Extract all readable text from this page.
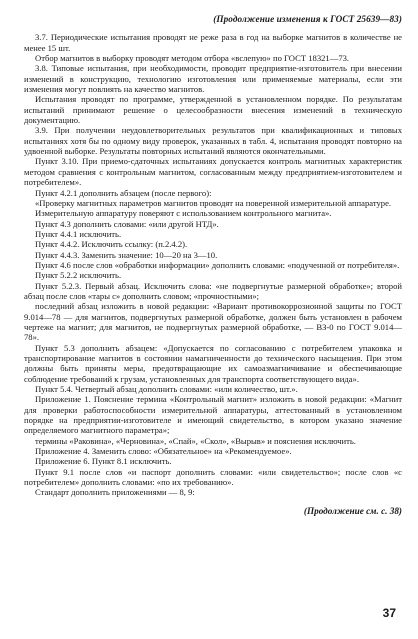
(Продолжение изменения к ГОСТ 25639—83)

3.7. Периодические испытания проводят не реже раза в год на выборке магнитов в количестве не менее 15 шт.

Отбор магнитов в выборку проводят методом отбора «вслепую» по ГОСТ 18321—73.

3.8. Типовые испытания, при необходимости, проводит предприятие-изготовитель при внесении изменений в конструкцию, технологию изготовления или применяемые материалы, если эти изменения могут повлиять на качество магнитов.

Испытания проводят по программе, утвержденной в установленном порядке. По результатам испытаний принимают решение о целесообразности внесения изменений в техническую документацию.

3.9. При получении неудовлетворительных результатов при квалификационных и типовых испытаниях хотя бы по одному виду проверок, указанных в табл. 4, испытания проводят повторно на удвоенной выборке. Результаты повторных испытаний являются окончательными.

Пункт 3.10. При приемо-сдаточных испытаниях допускается контроль магнитных характеристик методом сравнения с контрольным магнитом, согласованным между предприятием-изготовителем и потребителем».

Пункт 4.2.1 дополнить абзацем (после первого):

«Проверку магнитных параметров магнитов проводят на поверенной измерительной аппаратуре.

Измерительную аппаратуру поверяют с использованием контрольного магнита».

Пункт 4.3 дополнить словами: «или другой НТД».

Пункт 4.4.1 исключить.

Пункт 4.4.2. Исключить ссылку: (п.2.4.2).

Пункт 4.4.3. Заменить значение: 10—20 на 3—10.

Пункт 4.6 после слов «обработки информации» дополнить словами: «подученной от потребителя».

Пункт 5.2.2 исключить.

Пункт 5.2.3. Первый абзац. Исключить слова: «не подвергнутые размерной обработке»; второй абзац после слов «тары с» дополнить словом; «прочностными»;

последний абзац изложить в новой редакции: «Вариант противокоррозионной защиты по ГОСТ 9.014—78 — для магнитов, подвергнутых размерной обработке, должен быть установлен в рабочем чертеже на магнит; для магнитов, не подвергнутых размерной обработке, — ВЗ-0 по ГОСТ 9.014—78».

Пункт 5.3 дополнить абзацем: «Допускается по согласованию с потребителем упаковка и транспортирование магнитов в состоянии намагниченности до технического насыщения. При этом должны быть приняты меры, предотвращающие их самоазмагничивание и обеспечивающие соблюдение требований к грузам, установленных для транспорта соответствующего вида».

Пункт 5.4. Четвертый абзац дополнить словами: «или количество, шт.».

Приложение 1. Пояснение термина «Контрольный магнит» изложить в новой редакции: «Магнит для проверки работоспособности измерительной аппаратуры, аттестованный в установленном порядке на предприятии-изготовителе и имеющий свидетельство, в котором указано значение определяемого магнитного параметра»;

термины «Раковина», «Черновина», «Спай», «Скол», «Вырыв» и пояснения исключить.

Приложение 4. Заменить слово: «Обязательное» на «Рекомендуемое».

Приложение 6. Пункт 8.1 исключить.

Пункт 9.1 после слов «и паспорт дополнить словами: «или свидетельство»; после слов «с потребителем» дополнить словами: «по их требованию».

Стандарт дополнить приложениями — 8, 9:

(Продолжение см. с. 38)
37
